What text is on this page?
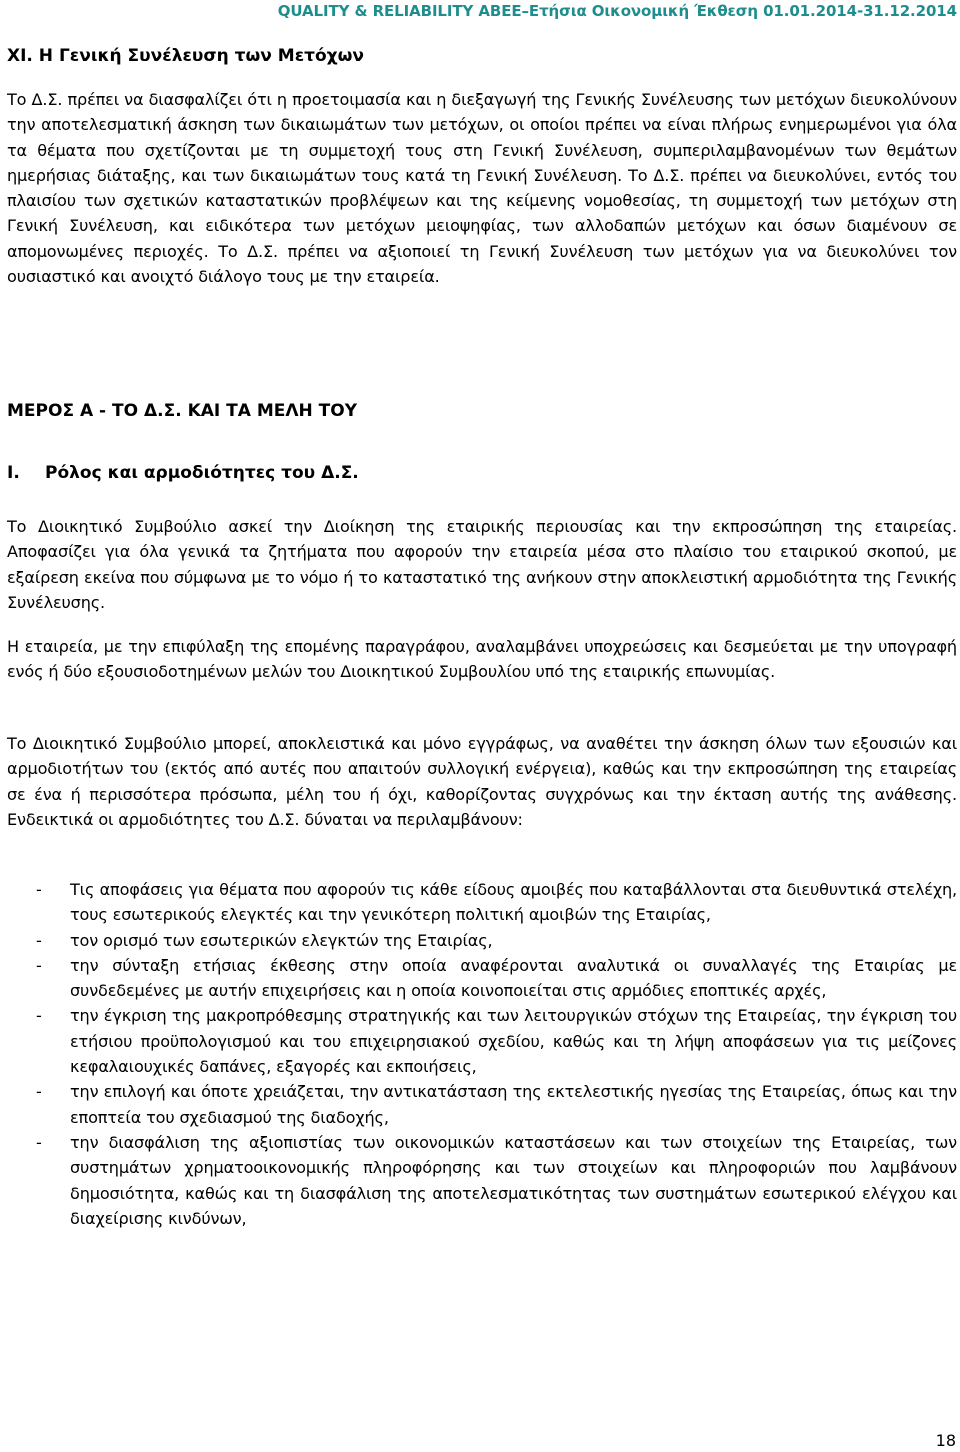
QUALITY & RELIABILITY ΑΒΕΕ–Ετήσια Οικονομική Έκθεση 01.01.2014-31.12.2014
XI. Η Γενική Συνέλευση των Μετόχων

Το Δ.Σ. πρέπει να διασφαλίζει ότι η προετοιμασία και η διεξαγωγή της Γενικής Συνέλευσης των μετόχων διευκολύνουν την αποτελεσματική άσκηση των δικαιωμάτων των μετόχων, οι οποίοι πρέπει να είναι πλήρως ενημερωμένοι για όλα τα θέματα που σχετίζονται με τη συμμετοχή τους στη Γενική Συνέλευση, συμπεριλαμβανομένων των θεμάτων ημερήσιας διάταξης, και των δικαιωμάτων τους κατά τη Γενική Συνέλευση. Το Δ.Σ. πρέπει να διευκολύνει, εντός του πλαισίου των σχετικών καταστατικών προβλέψεων και της κείμενης νομοθεσίας, τη συμμετοχή των μετόχων στη Γενική Συνέλευση, και ειδικότερα των μετόχων μειοψηφίας, των αλλοδαπών μετόχων και όσων διαμένουν σε απομονωμένες περιοχές. Το Δ.Σ. πρέπει να αξιοποιεί τη Γενική Συνέλευση των μετόχων για να διευκολύνει τον ουσιαστικό και ανοιχτό διάλογο τους με την εταιρεία.

ΜΕΡΟΣ Α - ΤΟ Δ.Σ. ΚΑΙ ΤΑ ΜΕΛΗ ΤΟΥ
I. Ρόλος και αρμοδιότητες του Δ.Σ.

Το Διοικητικό Συμβούλιο ασκεί την Διοίκηση της εταιρικής περιουσίας και την εκπροσώπηση της εταιρείας. Αποφασίζει για όλα γενικά τα ζητήματα που αφορούν την εταιρεία μέσα στο πλαίσιο του εταιρικού σκοπού, με εξαίρεση εκείνα που σύμφωνα με το νόμο ή το καταστατικό της ανήκουν στην αποκλειστική αρμοδιότητα της Γενικής Συνέλευσης.

Η εταιρεία, με την επιφύλαξη της επομένης παραγράφου, αναλαμβάνει υποχρεώσεις και δεσμεύεται με την υπογραφή ενός ή δύο εξουσιοδοτημένων μελών του Διοικητικού Συμβουλίου υπό της εταιρικής επωνυμίας.

Το Διοικητικό Συμβούλιο μπορεί, αποκλειστικά και μόνο εγγράφως, να αναθέτει την άσκηση όλων των εξουσιών και αρμοδιοτήτων του (εκτός από αυτές που απαιτούν συλλογική ενέργεια), καθώς και την εκπροσώπηση της εταιρείας σε ένα ή περισσότερα πρόσωπα, μέλη του ή όχι, καθορίζοντας συγχρόνως και την έκταση αυτής της ανάθεσης. Ενδεικτικά οι αρμοδιότητες του Δ.Σ. δύναται να περιλαμβάνουν:

-	Τις αποφάσεις για θέματα που αφορούν τις κάθε είδους αμοιβές που καταβάλλονται στα διευθυντικά στελέχη, τους εσωτερικούς ελεγκτές και την γενικότερη πολιτική αμοιβών της Εταιρίας,

-	τον ορισμό των εσωτερικών ελεγκτών της Εταιρίας,

-	την σύνταξη ετήσιας έκθεσης στην οποία αναφέρονται αναλυτικά οι συναλλαγές της Εταιρίας με συνδεδεμένες με αυτήν επιχειρήσεις και η οποία κοινοποιείται στις αρμόδιες εποπτικές αρχές,

-	την έγκριση της μακροπρόθεσμης στρατηγικής και των λειτουργικών στόχων της Εταιρείας, την έγκριση του ετήσιου προϋπολογισμού και του επιχειρησιακού σχεδίου, καθώς και τη λήψη αποφάσεων για τις μείζονες κεφαλαιουχικές δαπάνες, εξαγορές και εκποιήσεις,

-	την επιλογή και όποτε χρειάζεται, την αντικατάσταση της εκτελεστικής ηγεσίας της Εταιρείας, όπως και την εποπτεία του σχεδιασμού της διαδοχής,

-	την διασφάλιση της αξιοπιστίας των οικονομικών καταστάσεων και των στοιχείων της Εταιρείας, των συστημάτων χρηματοοικονομικής πληροφόρησης και των στοιχείων και πληροφοριών που λαμβάνουν δημοσιότητα, καθώς και τη διασφάλιση της αποτελεσματικότητας των συστημάτων εσωτερικού ελέγχου και διαχείρισης κινδύνων,

18
